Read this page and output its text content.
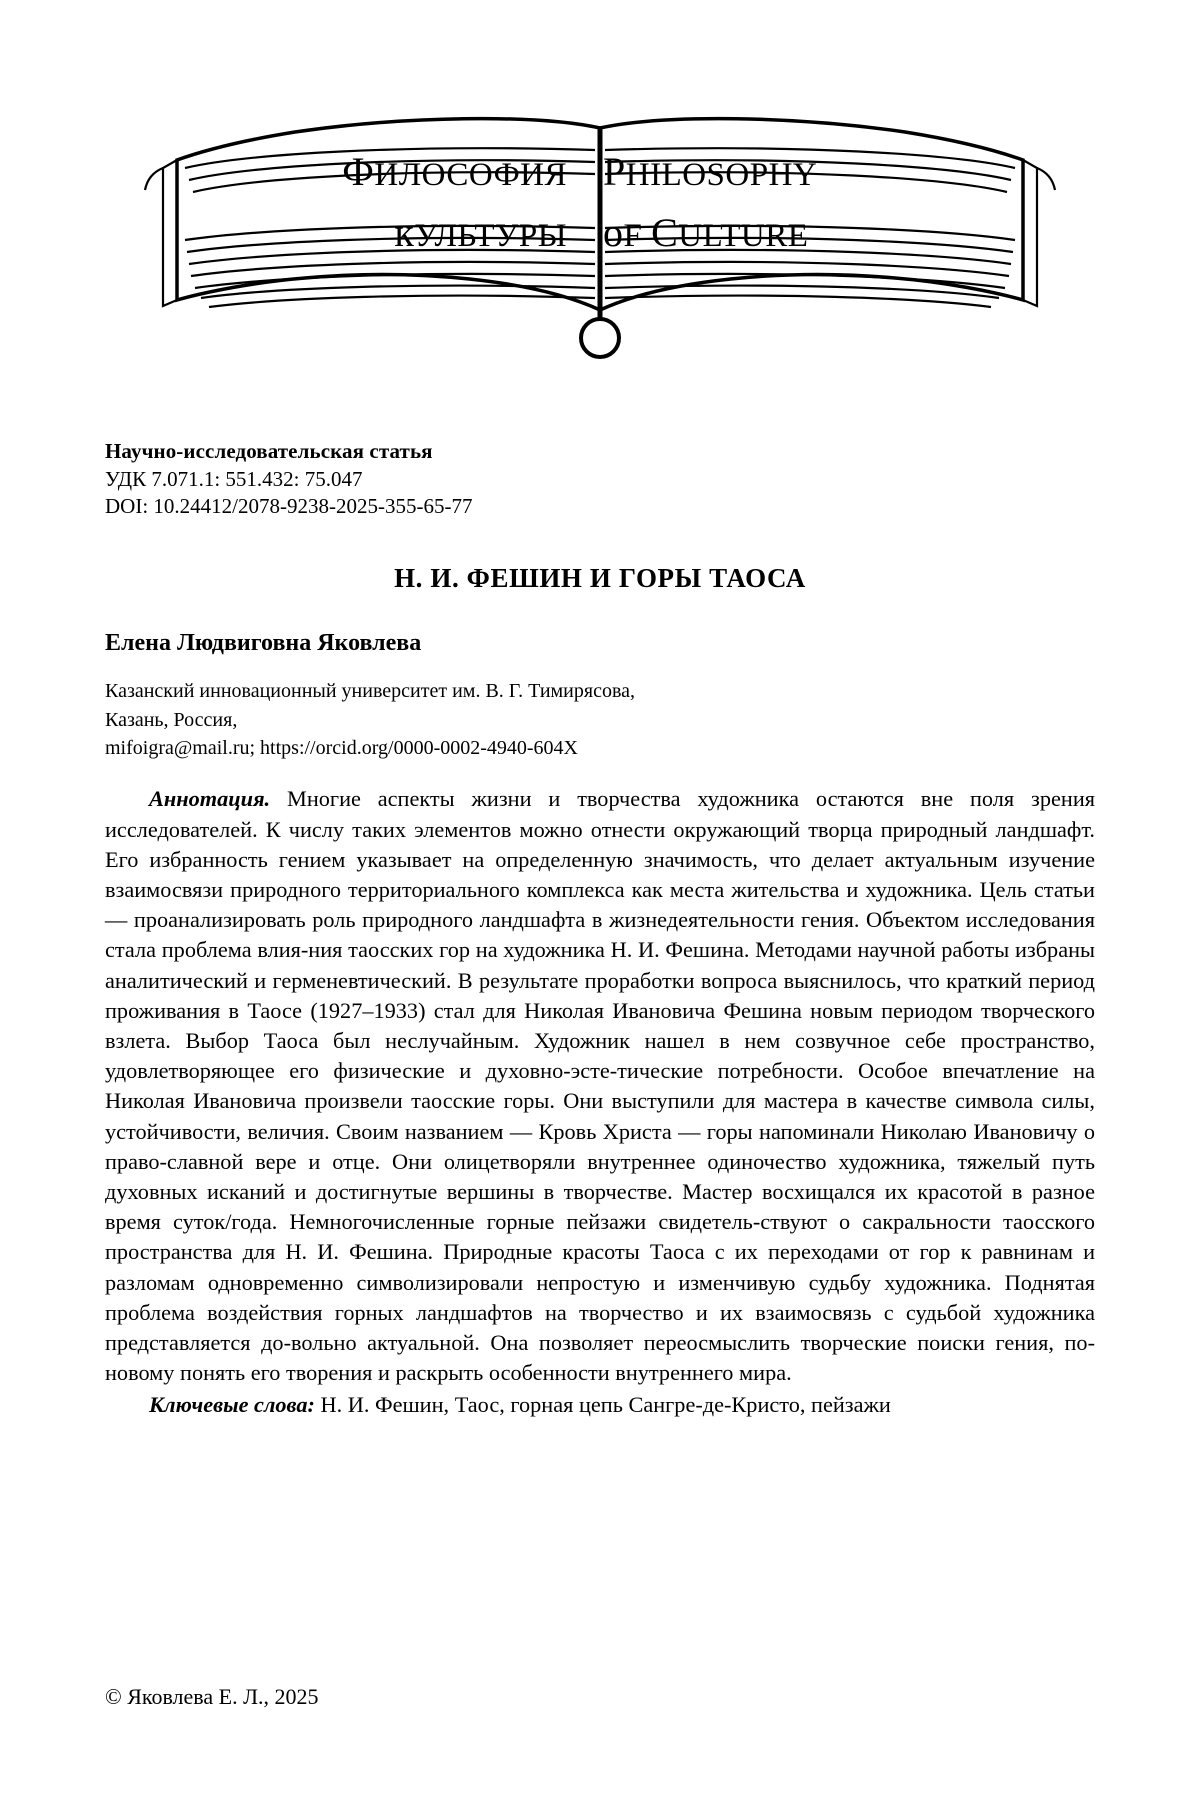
ФИЛОСОФИЯ PHILOSOPHY
кУЛЬТУРЫ oF CULTURE
Научно-исследовательская статья
УДК 7.071.1: 551.432: 75.047
DOI: 10.24412/2078-9238-2025-355-65-77
Н. И. ФЕШИН И ГОРЫ ТАОСА
Елена Людвиговна Яковлева
Казанский инновационный университет им. В. Г. Тимирясова,
Казань, Россия,
mifoigra@mail.ru; https://orcid.org/0000-0002-4940-604X

Аннотация. Многие аспекты жизни и творчества художника остаются вне поля зрения исследователей. К числу таких элементов можно отнести окружающий творца природный ландшафт. Его избранность гением указывает на определенную значимость, что делает актуальным изучение взаимосвязи природного территориального комплекса как места жительства и художника. Цель статьи — проанализировать роль природного ландшафта в жизнедеятельности гения. Объектом исследования стала проблема влия-ния таосских гор на художника Н. И. Фешина. Методами научной работы избраны аналитический и герменевтический. В результате проработки вопроса выяснилось, что краткий период проживания в Таосе (1927–1933) стал для Николая Ивановича Фешина новым периодом творческого взлета. Выбор Таоса был неслучайным. Художник нашел в нем созвучное себе пространство, удовлетворяющее его физические и духовно-эсте-тические потребности. Особое впечатление на Николая Ивановича произвели таосские горы. Они выступили для мастера в качестве символа силы, устойчивости, величия. Своим названием — Кровь Христа — горы напоминали Николаю Ивановичу о право-славной вере и отце. Они олицетворяли внутреннее одиночество художника, тяжелый путь духовных исканий и достигнутые вершины в творчестве. Мастер восхищался их красотой в разное время суток/года. Немногочисленные горные пейзажи свидетель-ствуют о сакральности таосского пространства для Н. И. Фешина. Природные красоты Таоса с их переходами от гор к равнинам и разломам одновременно символизировали непростую и изменчивую судьбу художника. Поднятая проблема воздействия горных ландшафтов на творчество и их взаимосвязь с судьбой художника представляется до-вольно актуальной. Она позволяет переосмыслить творческие поиски гения, по-новому понять его творения и раскрыть особенности внутреннего мира.

Ключевые слова: Н. И. Фешин, Таос, горная цепь Сангре-де-Кристо, пейзажи
© Яковлева Е. Л., 2025
